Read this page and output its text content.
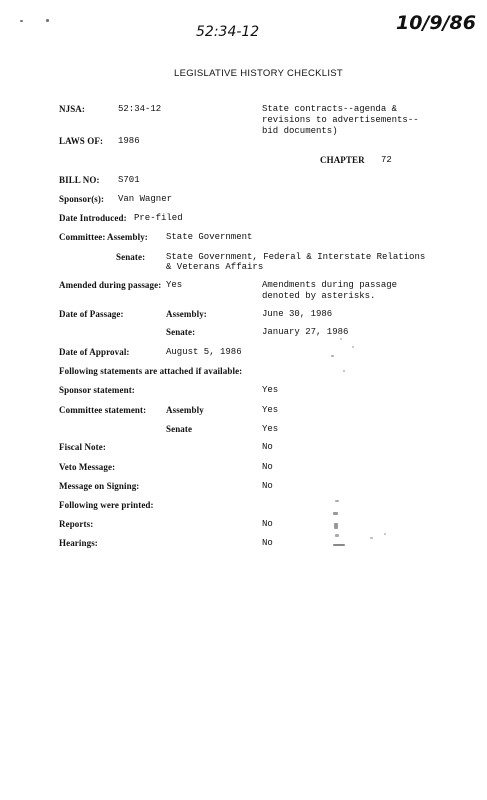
52:34-12	10/9/86
LEGISLATIVE HISTORY CHECKLIST
NJSA:	52:34-12	State contracts--agenda & revisions to advertisements--bid documents)
LAWS OF: 1986
CHAPTER 72
BILL NO: S701
Sponsor(s): Van Wagner
Date Introduced: Pre-filed
Committee: Assembly: State Government
Senate: State Government, Federal & Interstate Relations & Veterans Affairs
Amended during passage: Yes	Amendments during passage denoted by asterisks.
Date of Passage:	Assembly:	June 30, 1986
Senate:	January 27, 1986
Date of Approval:	August 5, 1986
Following statements are attached if available:
Sponsor statement:	Yes
Committee statement: Assembly	Yes
Senate	Yes
Fiscal Note:	No
Veto Message:	No
Message on Signing:	No
Following were printed:
Reports:	No
Hearings:	No
